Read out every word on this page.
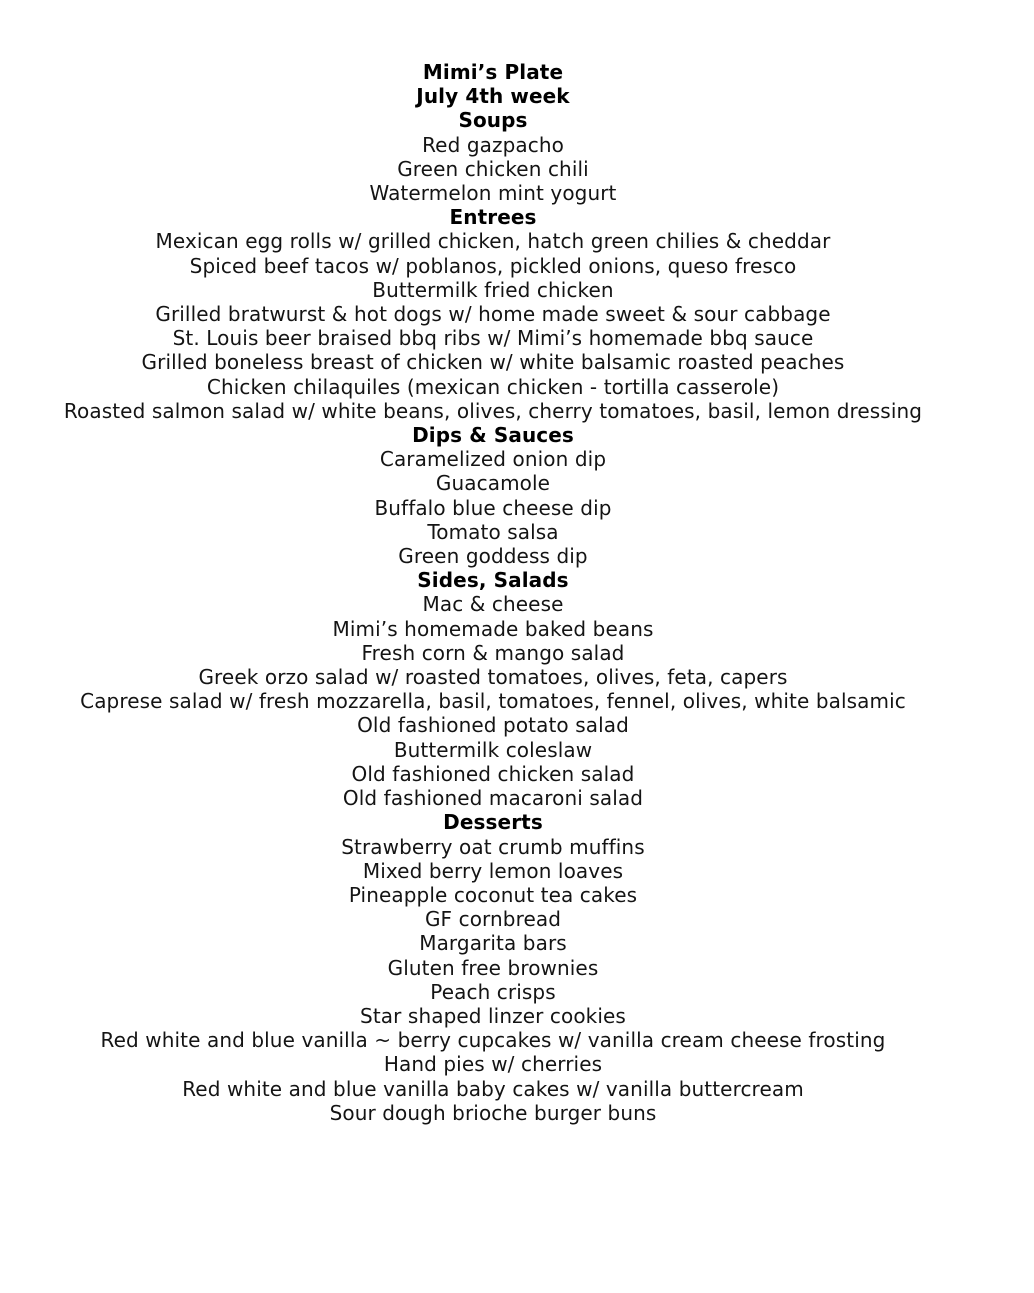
Mimi’s Plate
July 4th week
Soups
Red gazpacho
Green chicken chili
Watermelon mint yogurt
Entrees
Mexican egg rolls w/ grilled chicken, hatch green chilies & cheddar
Spiced beef tacos w/ poblanos, pickled onions, queso fresco
Buttermilk fried chicken
Grilled bratwurst & hot dogs w/ home made sweet & sour cabbage
St. Louis beer braised bbq ribs w/ Mimi’s homemade bbq sauce
Grilled boneless breast of chicken w/ white balsamic roasted peaches
Chicken chilaquiles (mexican chicken - tortilla casserole)
Roasted salmon salad w/ white beans, olives, cherry tomatoes, basil, lemon dressing
Dips & Sauces
Caramelized onion dip
Guacamole
Buffalo blue cheese dip
Tomato salsa
Green goddess dip
Sides, Salads
Mac & cheese
Mimi’s homemade baked beans
Fresh corn & mango salad
Greek orzo salad w/ roasted tomatoes, olives, feta, capers
Caprese salad w/ fresh mozzarella, basil, tomatoes, fennel, olives, white balsamic
Old fashioned potato salad
Buttermilk coleslaw
Old fashioned chicken salad
Old fashioned macaroni salad
Desserts
Strawberry oat crumb muffins
Mixed berry lemon loaves
Pineapple coconut tea cakes
GF cornbread
Margarita bars
Gluten free brownies
Peach crisps
Star shaped linzer cookies
Red white and blue vanilla ~ berry cupcakes w/ vanilla cream cheese frosting
Hand pies w/ cherries
Red white and blue vanilla baby cakes w/ vanilla buttercream
Sour dough brioche burger buns
